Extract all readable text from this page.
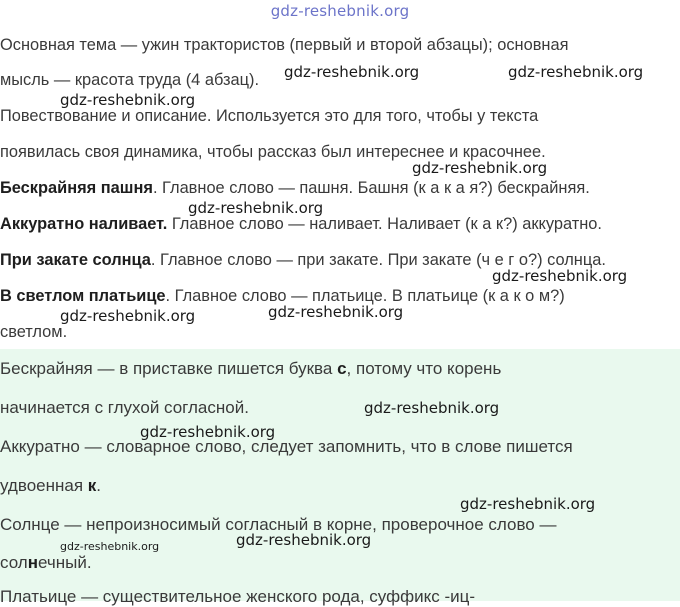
gdz-reshebnik.org
Основная тема — ужин трактористов (первый и второй абзацы); основная
мысль — красота труда (4 абзац).
Повествование и описание. Используется это для того, чтобы у текста
появилась своя динамика, чтобы рассказ был интереснее и красочнее.
Бескрайняя пашня. Главное слово — пашня. Башня (к а к а я?) бескрайняя.
Аккуратно наливает. Главное слово — наливает. Наливает (к а к?) аккуратно.
При закате солнца. Главное слово — при закате. При закате (ч е г о?) солнца.
В светлом платьице. Главное слово — платьице. В платьице (к а к о м?)
светлом.
Бескрайняя — в приставке пишется буква с, потому что корень
начинается с глухой согласной.
Аккуратно — словарное слово, следует запомнить, что в слове пишется
удвоенная к.
Солнце — непроизносимый согласный в корне, проверочное слово —
солнечный.
Платьице — существительное женского рода, суффикс -иц-
gdz-reshebnik.org	gdz-reshebnik.org
gdz-reshebnik.org
gdz-reshebnik.org
gdz-reshebnik.org
gdz-reshebnik.org
gdz-reshebnik.org	gdz-reshebnik.org
gdz-reshebnik.org
gdz-reshebnik.org
gdz-reshebnik.org
gdz-reshebnik.org	gdz-reshebnik.org
